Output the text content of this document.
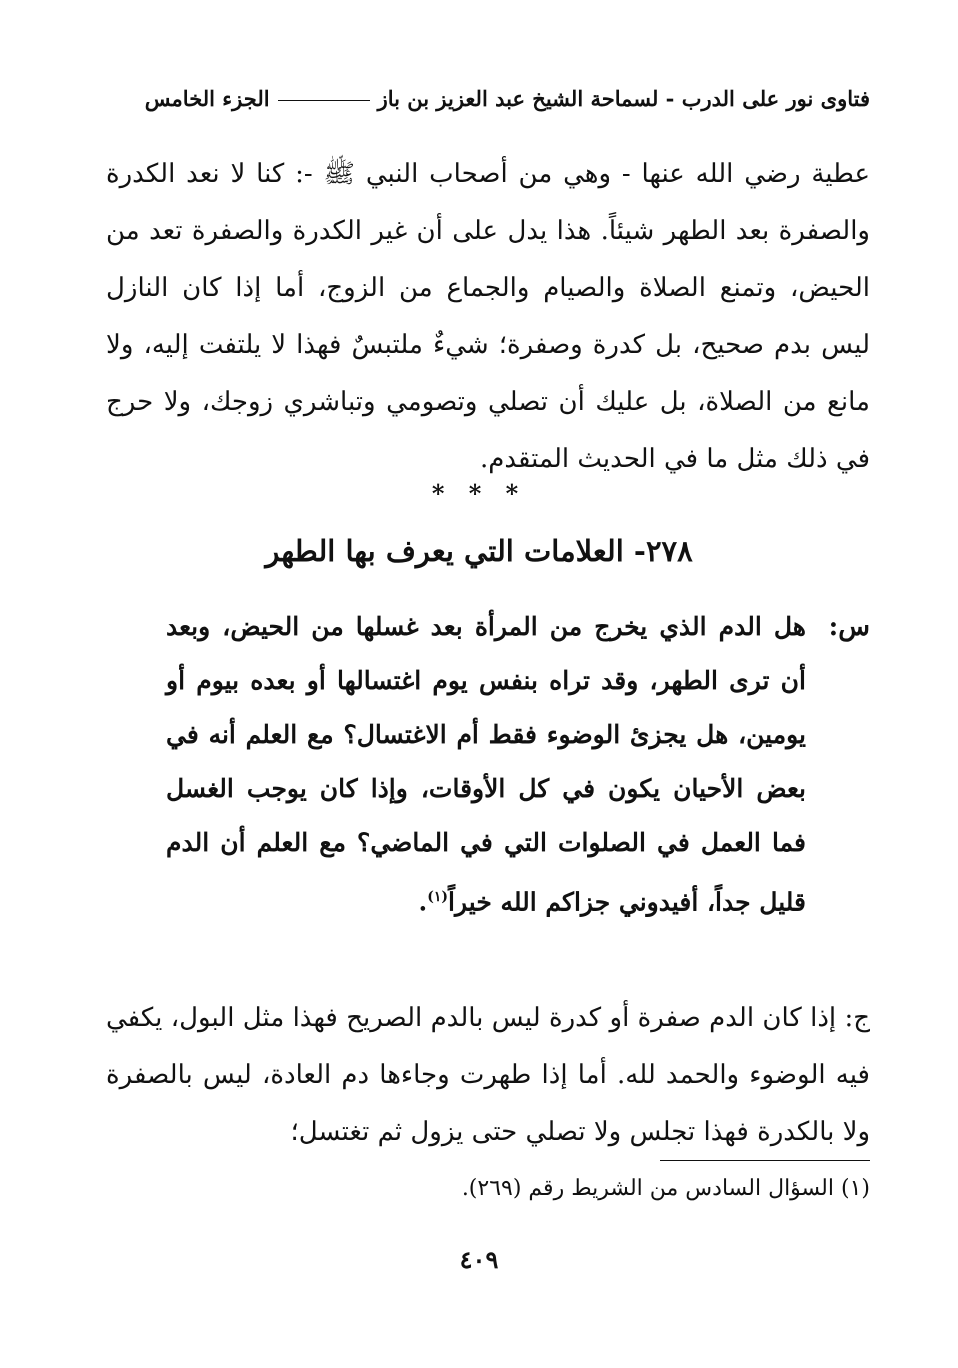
فتاوى نور على الدرب - لسماحة الشيخ عبد العزيز بن بازالجزء الخامس

عطية رضي الله عنها - وهي من أصحاب النبي ﷺ -: كنا لا نعد الكدرة والصفرة بعد الطهر شيئاً. هذا يدل على أن غير الكدرة والصفرة تعد من الحيض، وتمنع الصلاة والصيام والجماع من الزوج، أما إذا كان النازل ليس بدم صحيح، بل كدرة وصفرة؛ شيءٌ ملتبسٌ فهذا لا يلتفت إليه، ولا مانع من الصلاة، بل عليك أن تصلي وتصومي وتباشري زوجك، ولا حرج في ذلك مثل ما في الحديث المتقدم.

* * *
٢٧٨- العلامات التي يعرف بها الطهر
س:

هل الدم الذي يخرج من المرأة بعد غسلها من الحيض، وبعد أن ترى الطهر، وقد تراه بنفس يوم اغتسالها أو بعده بيوم أو يومين، هل يجزئ الوضوء فقط أم الاغتسال؟ مع العلم أنه في بعض الأحيان يكون في كل الأوقات، وإذا كان يوجب الغسل فما العمل في الصلوات التي في الماضي؟ مع العلم أن الدم قليل جداً، أفيدوني جزاكم الله خيراً$^{(١)}$.

ج: إذا كان الدم صفرة أو كدرة ليس بالدم الصريح فهذا مثل البول، يكفي فيه الوضوء والحمد لله. أما إذا طهرت وجاءها دم العادة، ليس بالصفرة ولا بالكدرة فهذا تجلس ولا تصلي حتى يزول ثم تغتسل؛

(١) السؤال السادس من الشريط رقم (٢٦٩).
٤٠٩
